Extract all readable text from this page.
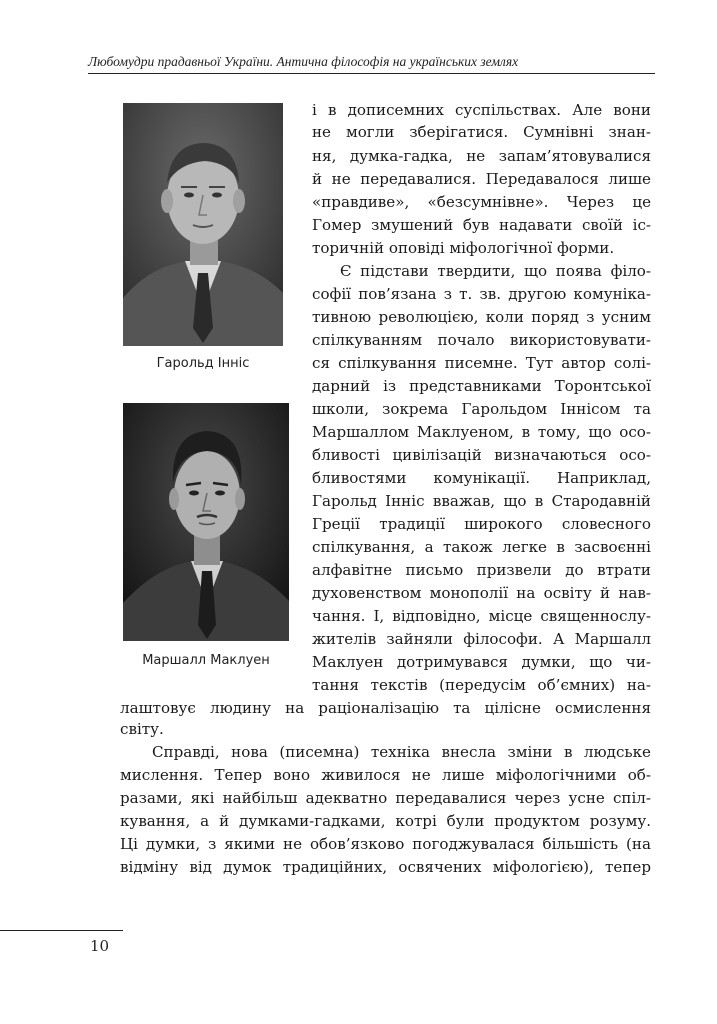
Любомудри прадавньої України. Антична філософія на українських землях
Гарольд Інніс
Маршалл Маклуен
і в дописемних суспільствах. Але вони
не могли зберігатися. Сумнівні знан-
ня, думка-гадка, не запам’ятовувалися
й не передавалися. Передавалося лише
«правдиве», «безсумнівне». Через це
Гомер змушений був надавати своїй іс-
торичній оповіді міфологічної форми.
Є підстави твердити, що поява філо-
софії пов’язана з т. зв. другою комуніка-
тивною революцією, коли поряд з усним
спілкуванням почало використовувати-
ся спілкування писемне. Тут автор солі-
дарний із представниками Торонтської
школи, зокрема Гарольдом Іннісом та
Маршаллом Маклуеном, в тому, що осо-
бливості цивілізацій визначаються осо-
бливостями комунікації. Наприклад,
Гарольд Інніс вважав, що в Стародавній
Греції традиції широкого словесного
спілкування, а також легке в засвоєнні
алфавітне письмо призвели до втрати
духовенством монополії на освіту й нав-
чання. І, відповідно, місце священнослу-
жителів зайняли філософи. А Маршалл
Маклуен дотримувався думки, що чи-
тання текстів (передусім об’ємних) на-
лаштовує людину на раціоналізацію та цілісне осмислення
світу.
Справді, нова (писемна) техніка внесла зміни в людське
мислення. Тепер воно живилося не лише міфологічними об-
разами, які найбільш адекватно передавалися через усне спіл-
кування, а й думками-гадками, котрі були продуктом розуму.
Ці думки, з якими не обов’язково погоджувалася більшість (на
відміну від думок традиційних, освячених міфологією), тепер
10
